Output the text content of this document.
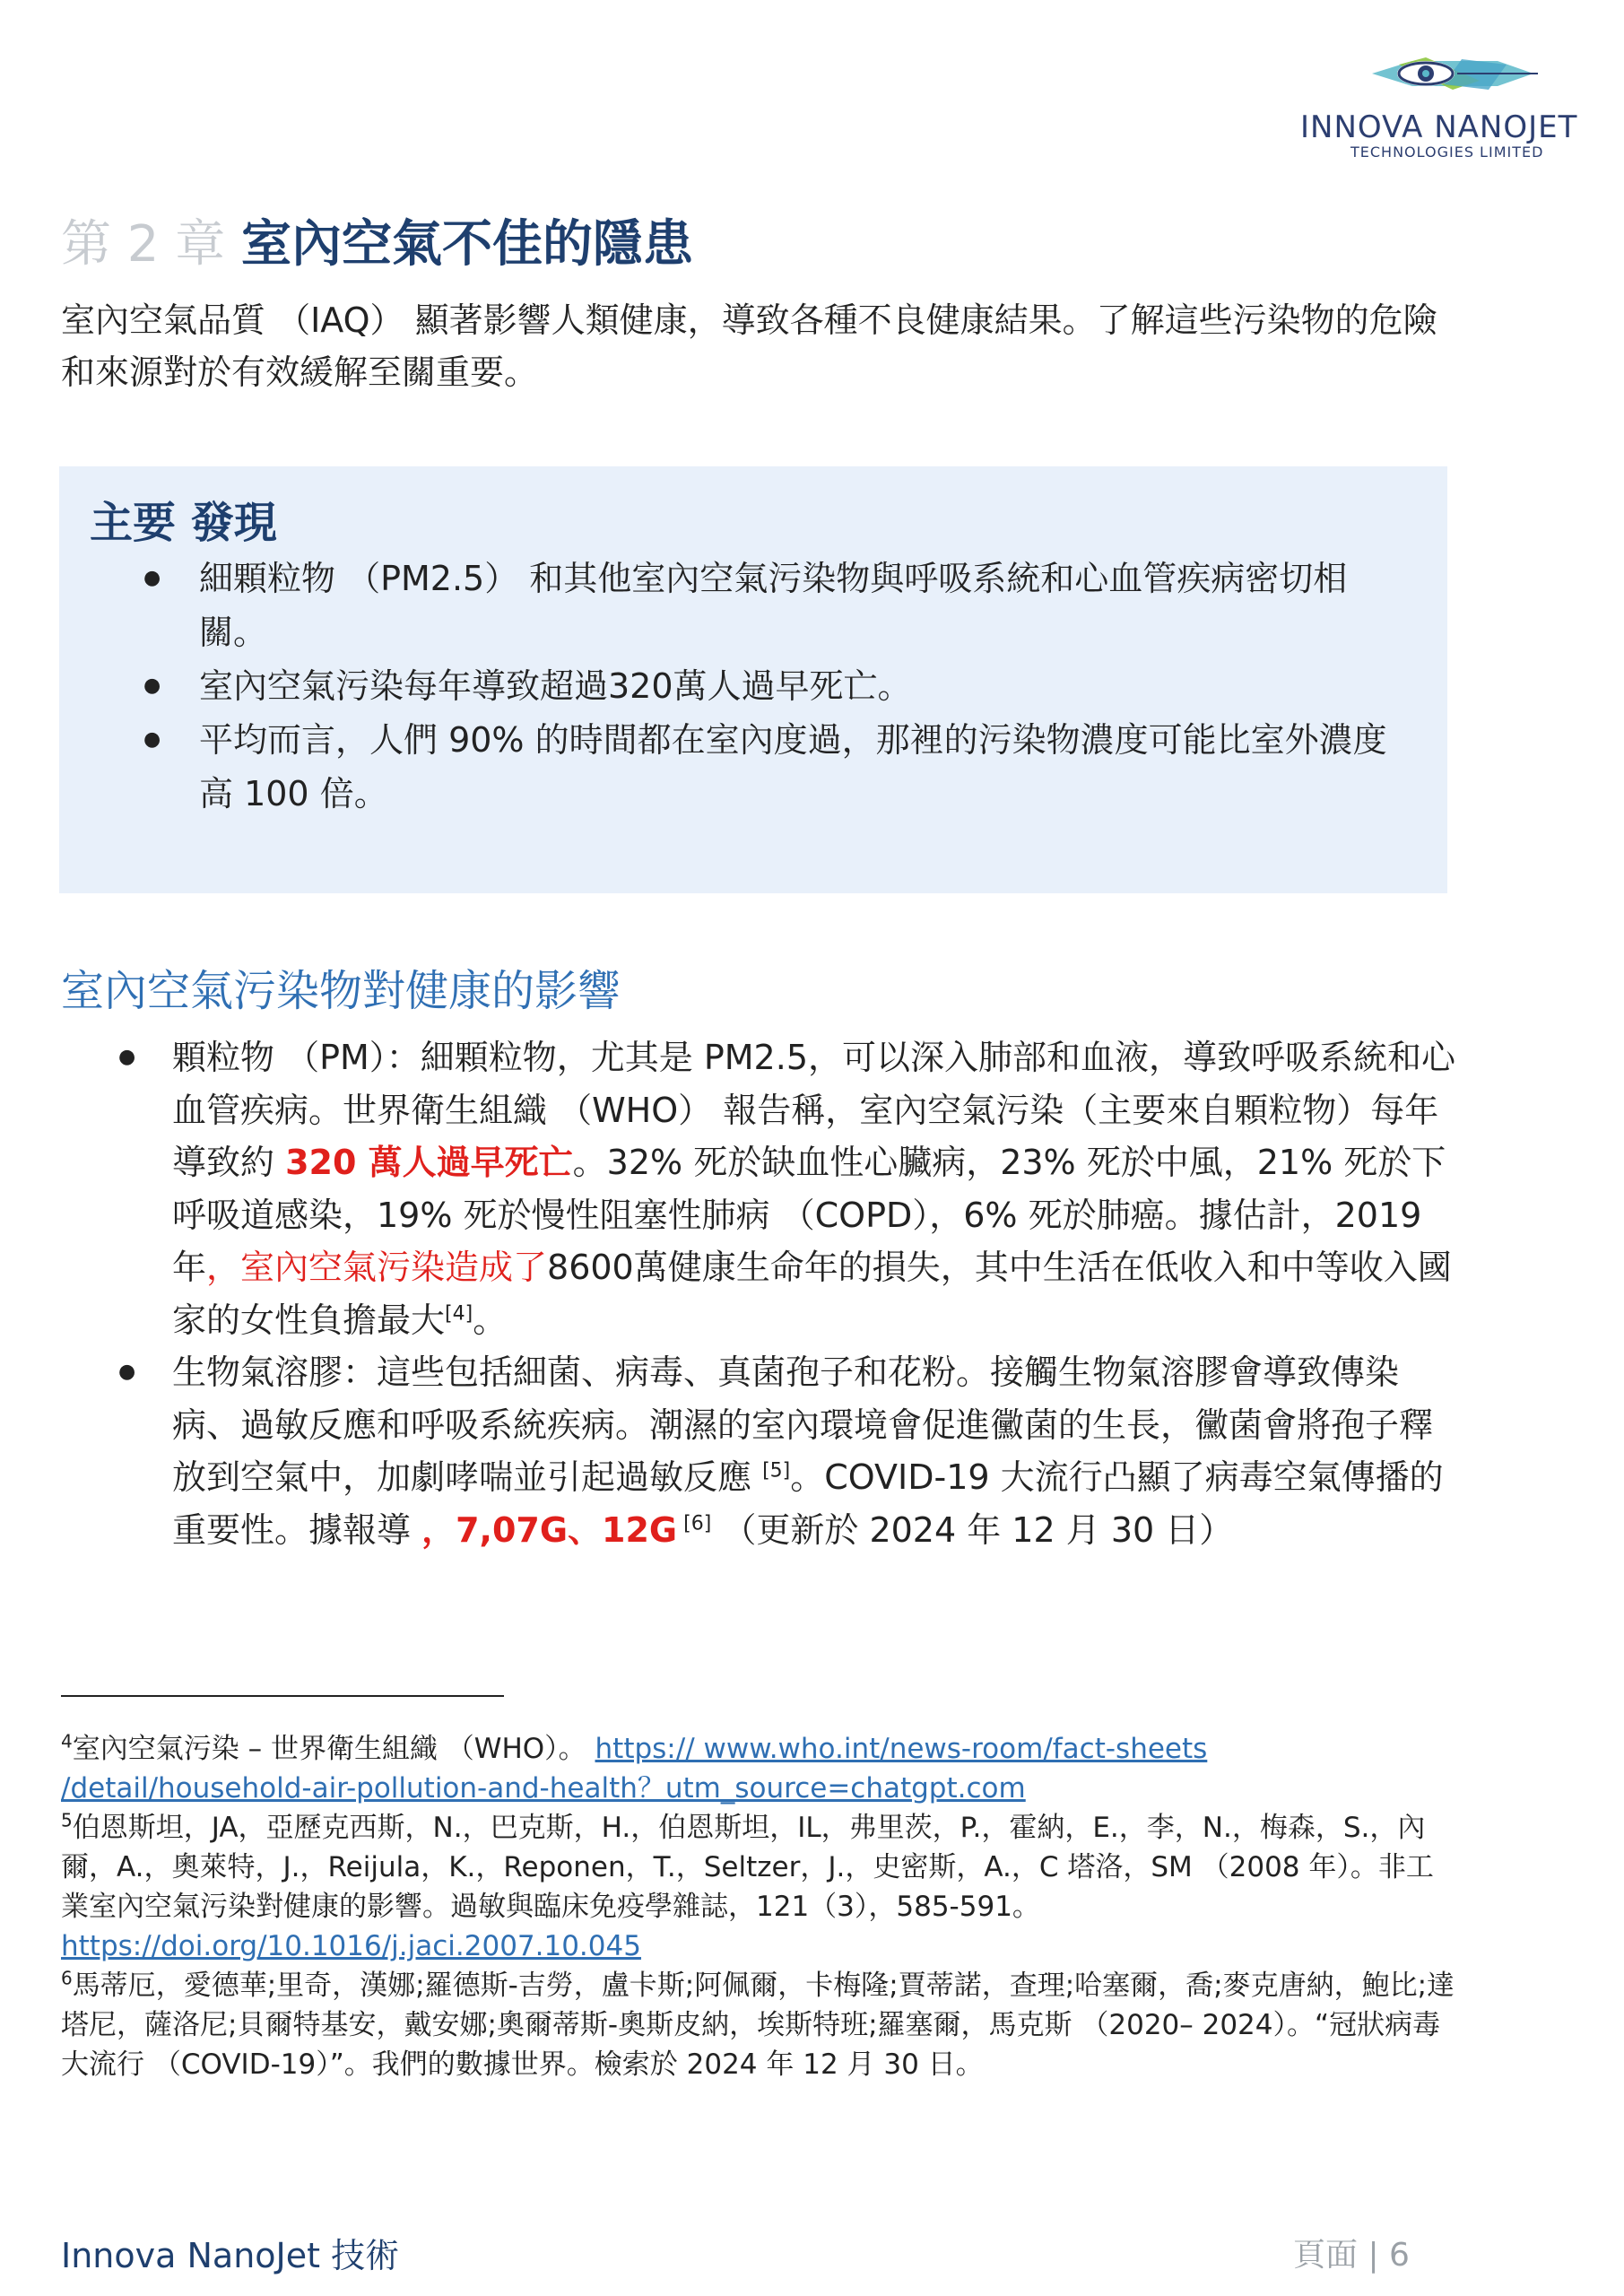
INNOVA NANOJET
TECHNOLOGIES LIMITED
第 2 章 室內空氣不佳的隱患
室內空氣品質 （IAQ） 顯著影響人類健康，導致各種不良健康結果。了解這些污染物的危險和來源對於有效緩解至關重要。
主要 發現
● 細顆粒物 （PM2.5） 和其他室內空氣污染物與呼吸系統和心血管疾病密切相關。
● 室內空氣污染每年導致超過320萬人過早死亡。
● 平均而言，人們 90% 的時間都在室內度過，那裡的污染物濃度可能比室外濃度高 100 倍。
室內空氣污染物對健康的影響
● 顆粒物 （PM）：細顆粒物，尤其是 PM2.5，可以深入肺部和血液，導致呼吸系統和心血管疾病。世界衛生組織 （WHO） 報告稱，室內空氣污染（主要來自顆粒物）每年導致約 320 萬人過早死亡。32% 死於缺血性心臟病，23% 死於中風，21% 死於下呼吸道感染，19% 死於慢性阻塞性肺病 （COPD），6% 死於肺癌。據估計，2019年，室內空氣污染造成了8600萬健康生命年的損失，其中生活在低收入和中等收入國家的女性負擔最大[4]。
● 生物氣溶膠：這些包括細菌、病毒、真菌孢子和花粉。接觸生物氣溶膠會導致傳染病、過敏反應和呼吸系統疾病。潮濕的室內環境會促進黴菌的生長，黴菌會將孢子釋放到空氣中，加劇哮喘並引起過敏反應 [5]。COVID-19 大流行凸顯了病毒空氣傳播的重要性。據報導 ，7,07G、12G [6] （更新於 2024 年 12 月 30 日）
$^4$室內空氣污染 – 世界衛生組織 （WHO）。 https:// www.who.int/news-room/fact-sheets /detail/household-air-pollution-and-health？utm_source=chatgpt.com
$^5$伯恩斯坦，JA，亞歷克西斯，N.，巴克斯，H.，伯恩斯坦，IL，弗里茨，P.，霍納，E.，李，N.，梅森，S.，內爾，A.，奧萊特，J.，Reijula，K.，Reponen，T.，Seltzer，J.，史密斯，A.，C 塔洛，SM （2008 年）。非工業室內空氣污染對健康的影響。過敏與臨床免疫學雜誌，121（3），585-591。
https://doi.org/10.1016/j.jaci.2007.10.045
$^6$馬蒂厄，愛德華;里奇，漢娜;羅德斯-吉勞，盧卡斯;阿佩爾，卡梅隆;賈蒂諾，查理;哈塞爾，喬;麥克唐納，鮑比;達塔尼，薩洛尼;貝爾特基安，戴安娜;奧爾蒂斯-奧斯皮納，埃斯特班;羅塞爾，馬克斯 （2020– 2024）。“冠狀病毒大流行 （COVID-19）”。我們的數據世界。檢索於 2024 年 12 月 30 日。
Innova NanoJet 技術	頁面 | 6
